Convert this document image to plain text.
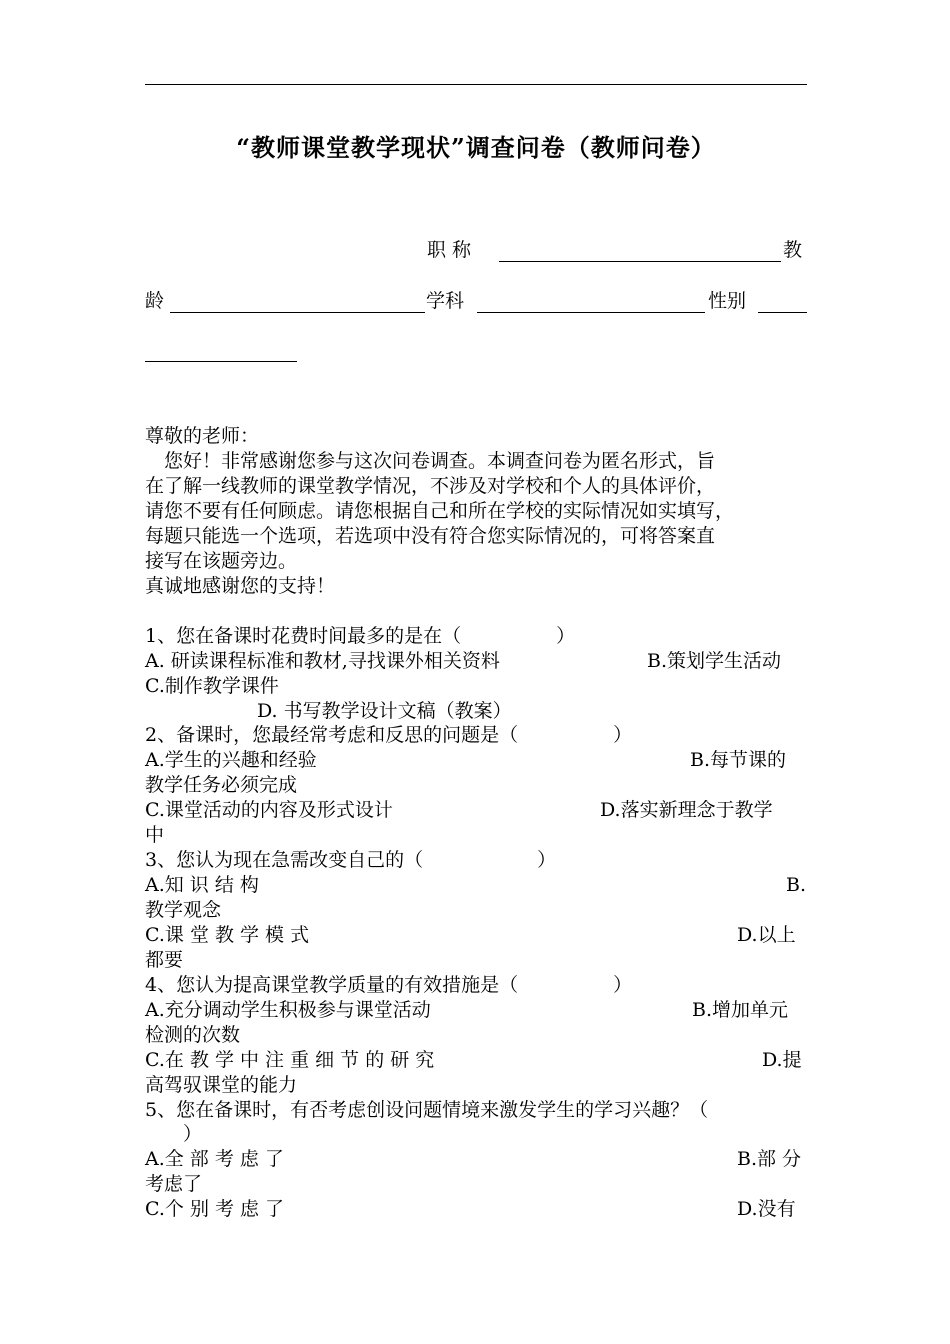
“教师课堂教学现状”调查问卷（教师问卷）
职 称	教
龄	学科	性别
尊敬的老师：
　您好！非常感谢您参与这次问卷调查。本调查问卷为匿名形式，旨
在了解一线教师的课堂教学情况，不涉及对学校和个人的具体评价，
请您不要有任何顾虑。请您根据自己和所在学校的实际情况如实填写，
每题只能选一个选项，若选项中没有符合您实际情况的，可将答案直
接写在该题旁边。
真诚地感谢您的支持！
1、您在备课时花费时间最多的是在（　　　　　）
A. 研读课程标准和教材,寻找课外相关资料	B.策划学生活动
C.制作教学课件
D. 书写教学设计文稿（教案）
2、备课时，您最经常考虑和反思的问题是（　　　　　）
A.学生的兴趣和经验	B.每节课的
教学任务必须完成
C.课堂活动的内容及形式设计	D.落实新理念于教学
中
3、您认为现在急需改变自己的（　　　　　　）
A.知 识 结 构	B.
教学观念
C.课 堂 教 学 模 式	D.以上
都要
4、您认为提高课堂教学质量的有效措施是（　　　　　）
A.充分调动学生积极参与课堂活动	B.增加单元
检测的次数
C.在 教 学 中 注 重 细 节 的 研 究	D.提
高驾驭课堂的能力
5、您在备课时，有否考虑创设问题情境来激发学生的学习兴趣？（
　　）
A.全 部 考 虑 了	B.部 分
考虑了
C.个 别 考 虑 了	D.没有
